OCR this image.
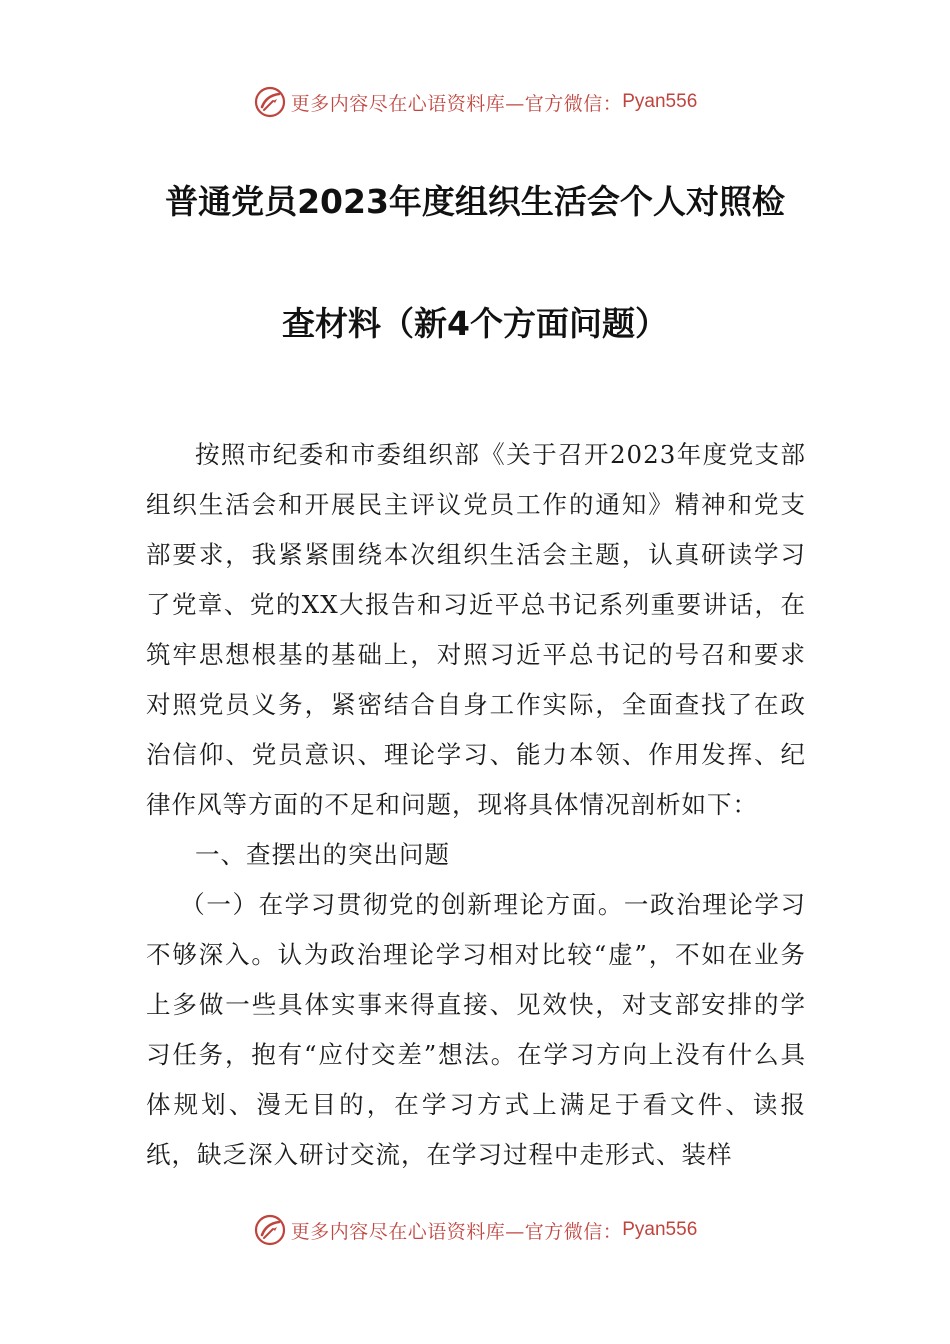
更多内容尽在心语资料库—官方微信： Pyan556
普通党员2023年度组织生活会个人对照检
查材料（新4个方面问题）

按照市纪委和市委组织部《关于召开2023年度党支部组织生活会和开展民主评议党员工作的通知》精神和党支部要求，我紧紧围绕本次组织生活会主题，认真研读学习了党章、党的XX大报告和习近平总书记系列重要讲话，在筑牢思想根基的基础上，对照习近平总书记的号召和要求对照党员义务，紧密结合自身工作实际，全面查找了在政治信仰、党员意识、理论学习、能力本领、作用发挥、纪律作风等方面的不足和问题，现将具体情况剖析如下：

一、查摆出的突出问题

（一）在学习贯彻党的创新理论方面。一政治理论学习不够深入。认为政治理论学习相对比较“虚”，不如在业务上多做一些具体实事来得直接、见效快，对支部安排的学习任务，抱有“应付交差”想法。在学习方向上没有什么具体规划、漫无目的，在学习方式上满足于看文件、读报纸，缺乏深入研讨交流，在学习过程中走形式、装样

更多内容尽在心语资料库—官方微信： Pyan556
